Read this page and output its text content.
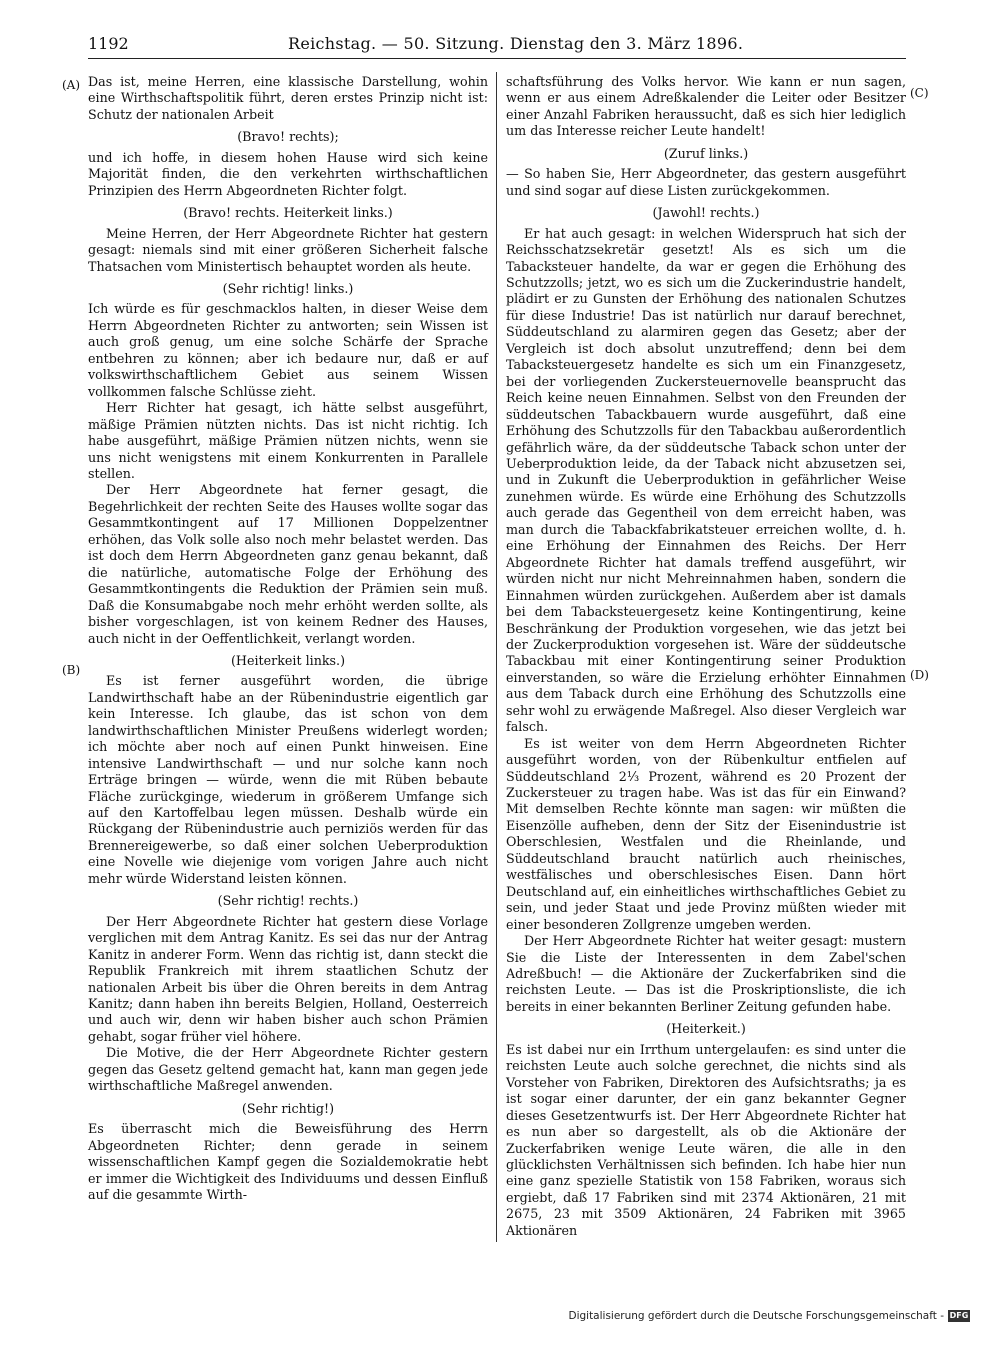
1192	Reichstag. — 50. Sitzung. Dienstag den 3. März 1896.
(A)
(B)
(C)
(D)

Das ist, meine Herren, eine klassische Darstellung, wohin eine Wirthschaftspolitik führt, deren erstes Prinzip nicht ist: Schutz der nationalen Arbeit

(Bravo! rechts);

und ich hoffe, in diesem hohen Hause wird sich keine Majorität finden, die den verkehrten wirthschaftlichen Prinzipien des Herrn Abgeordneten Richter folgt.

(Bravo! rechts. Heiterkeit links.)

Meine Herren, der Herr Abgeordnete Richter hat gestern gesagt: niemals sind mit einer größeren Sicherheit falsche Thatsachen vom Ministertisch behauptet worden als heute.

(Sehr richtig! links.)

Ich würde es für geschmacklos halten, in dieser Weise dem Herrn Abgeordneten Richter zu antworten; sein Wissen ist auch groß genug, um eine solche Schärfe der Sprache entbehren zu können; aber ich bedaure nur, daß er auf volkswirthschaftlichem Gebiet aus seinem Wissen vollkommen falsche Schlüsse zieht.

Herr Richter hat gesagt, ich hätte selbst ausgeführt, mäßige Prämien nützten nichts. Das ist nicht richtig. Ich habe ausgeführt, mäßige Prämien nützen nichts, wenn sie uns nicht wenigstens mit einem Konkurrenten in Parallele stellen.

Der Herr Abgeordnete hat ferner gesagt, die Begehrlichkeit der rechten Seite des Hauses wollte sogar das Gesammtkontingent auf 17 Millionen Doppelzentner erhöhen, das Volk solle also noch mehr belastet werden. Das ist doch dem Herrn Abgeordneten ganz genau bekannt, daß die natürliche, automatische Folge der Erhöhung des Gesammtkontingents die Reduktion der Prämien sein muß. Daß die Konsumabgabe noch mehr erhöht werden sollte, als bisher vorgeschlagen, ist von keinem Redner des Hauses, auch nicht in der Oeffentlichkeit, verlangt worden.

(Heiterkeit links.)

Es ist ferner ausgeführt worden, die übrige Landwirthschaft habe an der Rübenindustrie eigentlich gar kein Interesse. Ich glaube, das ist schon von dem landwirthschaftlichen Minister Preußens widerlegt worden; ich möchte aber noch auf einen Punkt hinweisen. Eine intensive Landwirthschaft — und nur solche kann noch Erträge bringen — würde, wenn die mit Rüben bebaute Fläche zurückginge, wiederum in größerem Umfange sich auf den Kartoffelbau legen müssen. Deshalb würde ein Rückgang der Rübenindustrie auch perniziös werden für das Brennereigewerbe, so daß einer solchen Ueberproduktion eine Novelle wie diejenige vom vorigen Jahre auch nicht mehr würde Widerstand leisten können.

(Sehr richtig! rechts.)

Der Herr Abgeordnete Richter hat gestern diese Vorlage verglichen mit dem Antrag Kanitz. Es sei das nur der Antrag Kanitz in anderer Form. Wenn das richtig ist, dann steckt die Republik Frankreich mit ihrem staatlichen Schutz der nationalen Arbeit bis über die Ohren bereits in dem Antrag Kanitz; dann haben ihn bereits Belgien, Holland, Oesterreich und auch wir, denn wir haben bisher auch schon Prämien gehabt, sogar früher viel höhere.

Die Motive, die der Herr Abgeordnete Richter gestern gegen das Gesetz geltend gemacht hat, kann man gegen jede wirthschaftliche Maßregel anwenden.

(Sehr richtig!)

Es überrascht mich die Beweisführung des Herrn Abgeordneten Richter; denn gerade in seinem wissenschaftlichen Kampf gegen die Sozialdemokratie hebt er immer die Wichtigkeit des Individuums und dessen Einfluß auf die gesammte Wirth-

schaftsführung des Volks hervor. Wie kann er nun sagen, wenn er aus einem Adreßkalender die Leiter oder Besitzer einer Anzahl Fabriken heraussucht, daß es sich hier lediglich um das Interesse reicher Leute handelt!

(Zuruf links.)

— So haben Sie, Herr Abgeordneter, das gestern ausgeführt und sind sogar auf diese Listen zurückgekommen.

(Jawohl! rechts.)

Er hat auch gesagt: in welchen Widerspruch hat sich der Reichsschatzsekretär gesetzt! Als es sich um die Tabacksteuer handelte, da war er gegen die Erhöhung des Schutzzolls; jetzt, wo es sich um die Zuckerindustrie handelt, plädirt er zu Gunsten der Erhöhung des nationalen Schutzes für diese Industrie! Das ist natürlich nur darauf berechnet, Süddeutschland zu alarmiren gegen das Gesetz; aber der Vergleich ist doch absolut unzutreffend; denn bei dem Tabacksteuergesetz handelte es sich um ein Finanzgesetz, bei der vorliegenden Zuckersteuernovelle beansprucht das Reich keine neuen Einnahmen. Selbst von den Freunden der süddeutschen Tabackbauern wurde ausgeführt, daß eine Erhöhung des Schutzzolls für den Tabackbau außerordentlich gefährlich wäre, da der süddeutsche Taback schon unter der Ueberproduktion leide, da der Taback nicht abzusetzen sei, und in Zukunft die Ueberproduktion in gefährlicher Weise zunehmen würde. Es würde eine Erhöhung des Schutzzolls auch gerade das Gegentheil von dem erreicht haben, was man durch die Tabackfabrikatsteuer erreichen wollte, d. h. eine Erhöhung der Einnahmen des Reichs. Der Herr Abgeordnete Richter hat damals treffend ausgeführt, wir würden nicht nur nicht Mehreinnahmen haben, sondern die Einnahmen würden zurückgehen. Außerdem aber ist damals bei dem Tabacksteuergesetz keine Kontingentirung, keine Beschränkung der Produktion vorgesehen, wie das jetzt bei der Zuckerproduktion vorgesehen ist. Wäre der süddeutsche Tabackbau mit einer Kontingentirung seiner Produktion einverstanden, so wäre die Erzielung erhöhter Einnahmen aus dem Taback durch eine Erhöhung des Schutzzolls eine sehr wohl zu erwägende Maßregel. Also dieser Vergleich war falsch.

Es ist weiter von dem Herrn Abgeordneten Richter ausgeführt worden, von der Rübenkultur entfielen auf Süddeutschland 2⅓ Prozent, während es 20 Prozent der Zuckersteuer zu tragen habe. Was ist das für ein Einwand? Mit demselben Rechte könnte man sagen: wir müßten die Eisenzölle aufheben, denn der Sitz der Eisenindustrie ist Oberschlesien, Westfalen und die Rheinlande, und Süddeutschland braucht natürlich auch rheinisches, westfälisches und oberschlesisches Eisen. Dann hört Deutschland auf, ein einheitliches wirthschaftliches Gebiet zu sein, und jeder Staat und jede Provinz müßten wieder mit einer besonderen Zollgrenze umgeben werden.

Der Herr Abgeordnete Richter hat weiter gesagt: mustern Sie die Liste der Interessenten in dem Zabel'schen Adreßbuch! — die Aktionäre der Zuckerfabriken sind die reichsten Leute. — Das ist die Proskriptionsliste, die ich bereits in einer bekannten Berliner Zeitung gefunden habe.

(Heiterkeit.)

Es ist dabei nur ein Irrthum untergelaufen: es sind unter die reichsten Leute auch solche gerechnet, die nichts sind als Vorsteher von Fabriken, Direktoren des Aufsichtsraths; ja es ist sogar einer darunter, der ein ganz bekannter Gegner dieses Gesetzentwurfs ist. Der Herr Abgeordnete Richter hat es nun aber so dargestellt, als ob die Aktionäre der Zuckerfabriken wenige Leute wären, die alle in den glücklichsten Verhältnissen sich befinden. Ich habe hier nun eine ganz spezielle Statistik von 158 Fabriken, woraus sich ergiebt, daß 17 Fabriken sind mit 2374 Aktionären, 21 mit 2675, 23 mit 3509 Aktionären, 24 Fabriken mit 3965 Aktionären

Digitalisierung gefördert durch die Deutsche Forschungsgemeinschaft - DFG
